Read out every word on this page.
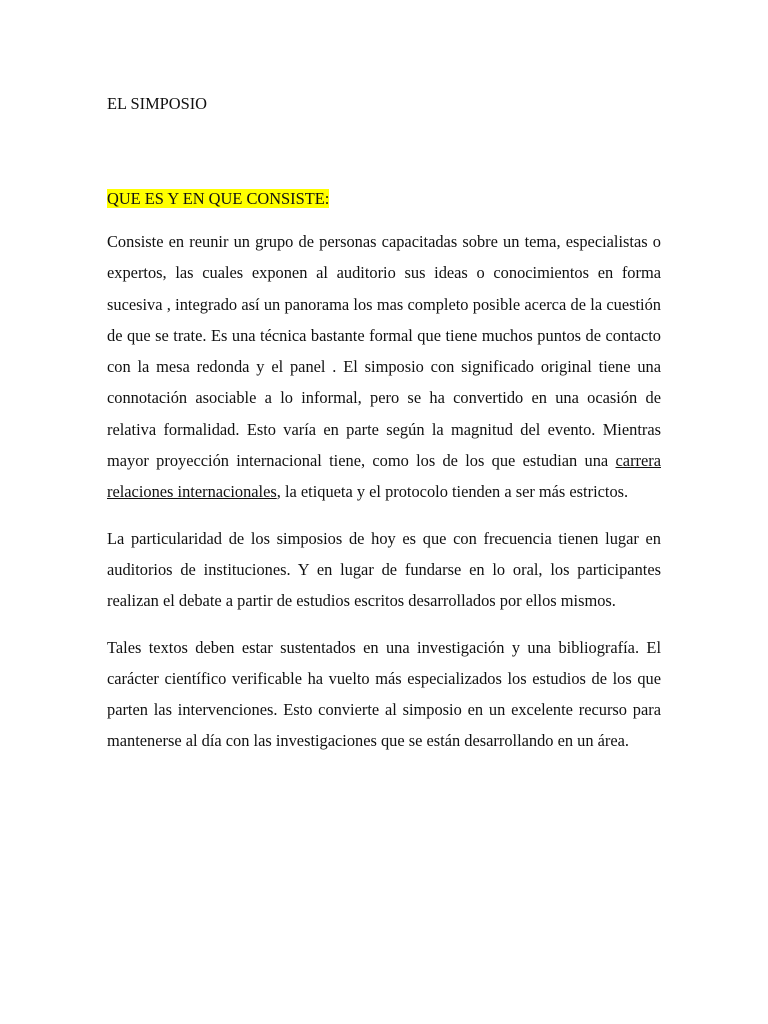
EL SIMPOSIO
QUE ES Y EN QUE CONSISTE:

Consiste en reunir un grupo de personas capacitadas sobre un tema, especialistas o expertos, las cuales exponen al auditorio sus ideas o conocimientos en forma sucesiva , integrado así un panorama los mas completo posible acerca de la cuestión de que se trate. Es una técnica bastante formal que tiene muchos puntos de contacto con la mesa redonda y el panel . El simposio con significado original tiene una connotación asociable a lo informal, pero se ha convertido en una ocasión de relativa formalidad. Esto varía en parte según la magnitud del evento. Mientras mayor proyección internacional tiene, como los de los que estudian una carrera relaciones internacionales, la etiqueta y el protocolo tienden a ser más estrictos.

La particularidad de los simposios de hoy es que con frecuencia tienen lugar en auditorios de instituciones. Y en lugar de fundarse en lo oral, los participantes realizan el debate a partir de estudios escritos desarrollados por ellos mismos.

Tales textos deben estar sustentados en una investigación y una bibliografía. El carácter científico verificable ha vuelto más especializados los estudios de los que parten las intervenciones. Esto convierte al simposio en un excelente recurso para mantenerse al día con las investigaciones que se están desarrollando en un área.
